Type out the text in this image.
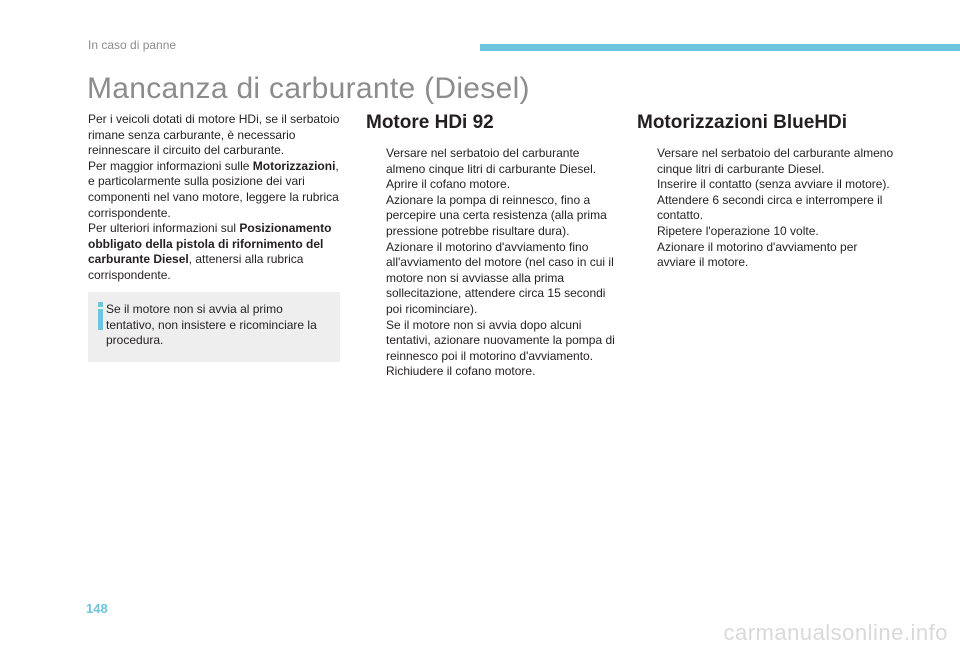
In caso di panne
Mancanza di carburante (Diesel)

Per i veicoli dotati di motore HDi, se il serbatoio rimane senza carburante, è necessario reinnescare il circuito del carburante.

Per maggior informazioni sulle Motorizzazioni, e particolarmente sulla posizione dei vari componenti nel vano motore, leggere la rubrica corrispondente.

Per ulteriori informazioni sul Posizionamento obbligato della pistola di rifornimento del carburante Diesel, attenersi alla rubrica corrispondente.

Se il motore non si avvia al primo tentativo, non insistere e ricominciare la procedura.
Motore HDi 92
Versare nel serbatoio del carburante almeno cinque litri di carburante Diesel.
Aprire il cofano motore.
Azionare la pompa di reinnesco, fino a percepire una certa resistenza (alla prima pressione potrebbe risultare dura).
Azionare il motorino d'avviamento fino all'avviamento del motore (nel caso in cui il motore non si avviasse alla prima sollecitazione, attendere circa 15 secondi poi ricominciare).
Se il motore non si avvia dopo alcuni tentativi, azionare nuovamente la pompa di reinnesco poi il motorino d'avviamento.
Richiudere il cofano motore.
Motorizzazioni BlueHDi
Versare nel serbatoio del carburante almeno cinque litri di carburante Diesel.
Inserire il contatto (senza avviare il motore).
Attendere 6 secondi circa e interrompere il contatto.
Ripetere l'operazione 10 volte.
Azionare il motorino d'avviamento per avviare il motore.
148
carmanualsonline.info
